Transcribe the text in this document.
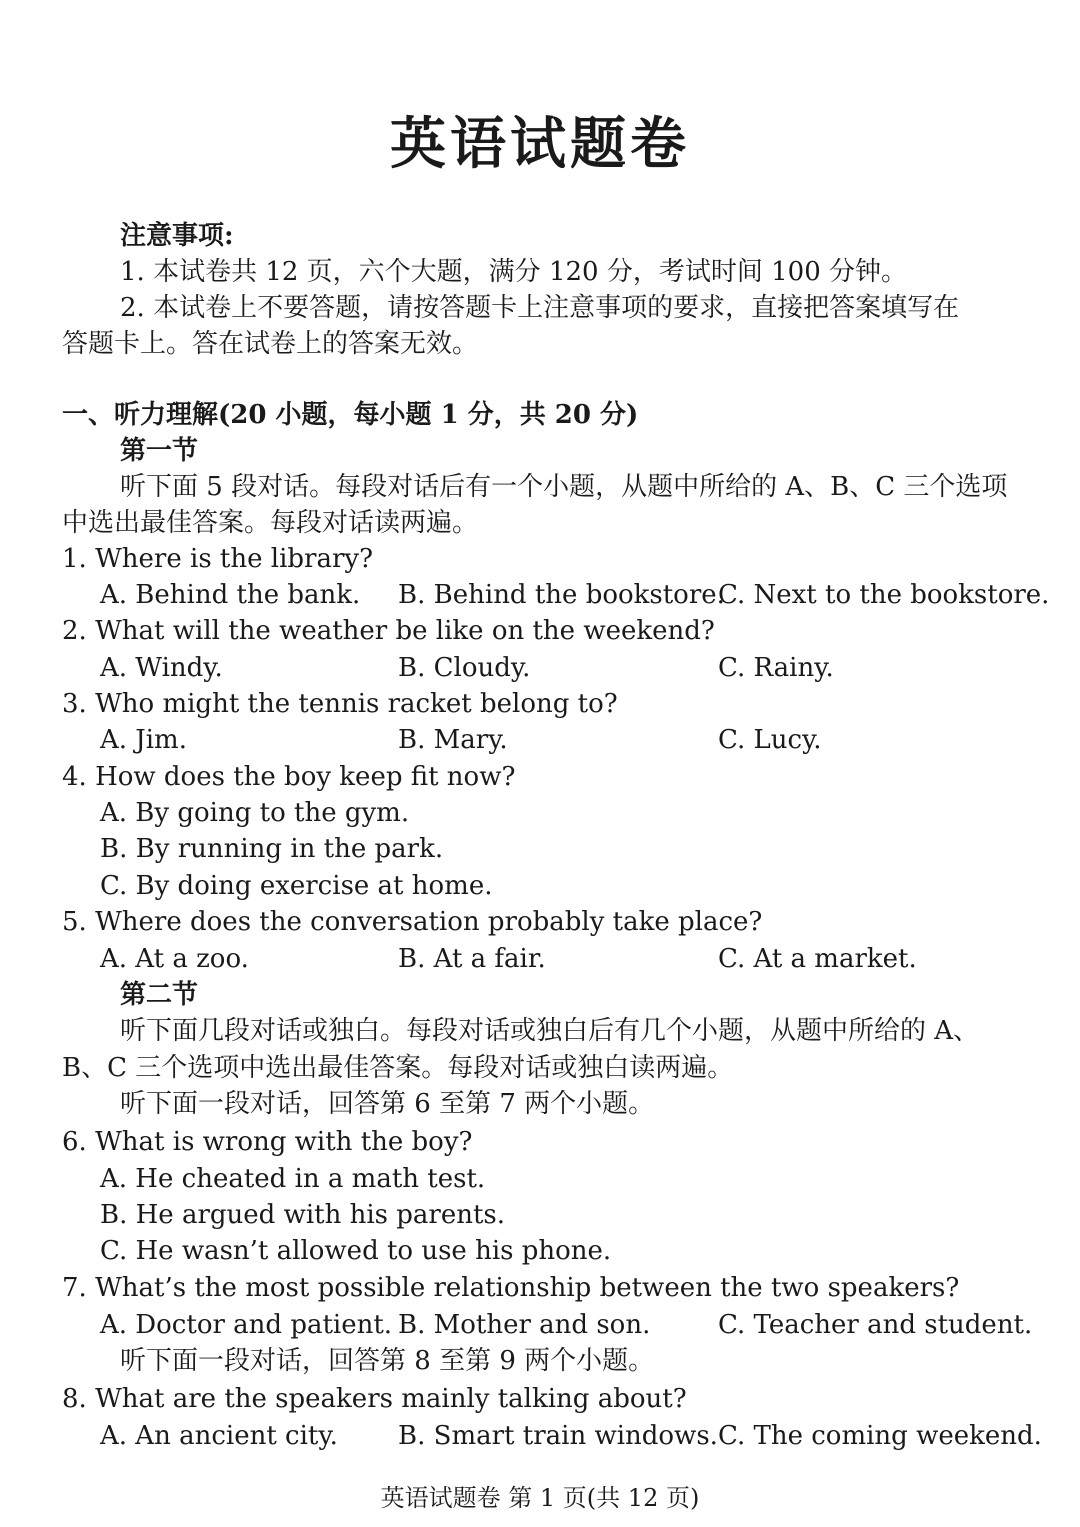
英语试题卷
注意事项:
1. 本试卷共 12 页，六个大题，满分 120 分，考试时间 100 分钟。
2. 本试卷上不要答题，请按答题卡上注意事项的要求，直接把答案填写在
答题卡上。答在试卷上的答案无效。
一、听力理解(20 小题，每小题 1 分，共 20 分)
第一节
听下面 5 段对话。每段对话后有一个小题，从题中所给的 A、B、C 三个选项
中选出最佳答案。每段对话读两遍。
1. Where is the library?
A. Behind the bank. B. Behind the bookstore.
C. Next to the bookstore.
2. What will the weather be like on the weekend?
A. Windy.	B. Cloudy.	C. Rainy.
3. Who might the tennis racket belong to?
A. Jim.	B. Mary.	C. Lucy.
4. How does the boy keep fit now?
A. By going to the gym.
B. By running in the park.
C. By doing exercise at home.
5. Where does the conversation probably take place?
A. At a zoo.	B. At a fair.	C. At a market.
第二节
听下面几段对话或独白。每段对话或独白后有几个小题，从题中所给的 A、
B、C 三个选项中选出最佳答案。每段对话或独白读两遍。
听下面一段对话，回答第 6 至第 7 两个小题。
6. What is wrong with the boy?
A. He cheated in a math test.
B. He argued with his parents.
C. He wasn’t allowed to use his phone.
7. What’s the most possible relationship between the two speakers?
A. Doctor and patient. B. Mother and son.	C. Teacher and student.
听下面一段对话，回答第 8 至第 9 两个小题。
8. What are the speakers mainly talking about?
A. An ancient city. B. Smart train windows. C. The coming weekend.
英语试题卷 第 1 页(共 12 页)
